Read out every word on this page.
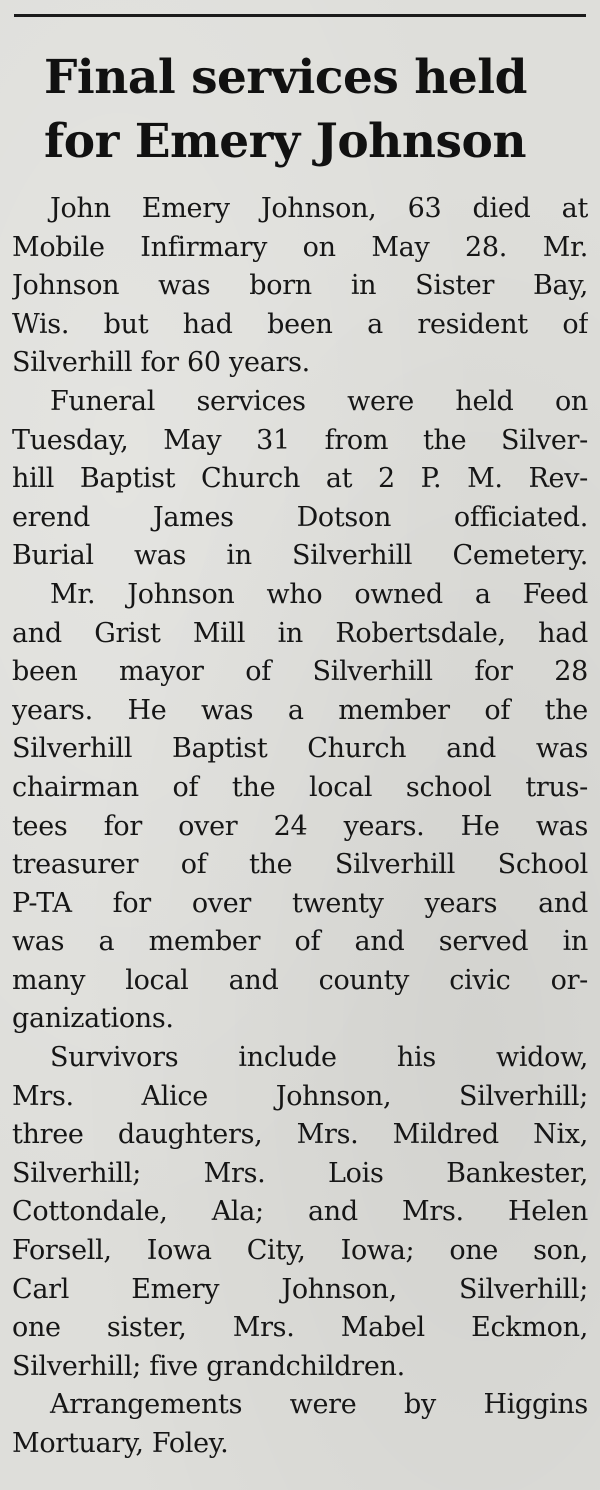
Final services held
for Emery Johnson

John Emery Johnson, 63 died at
Mobile Infirmary on May 28. Mr.
Johnson was born in Sister Bay,
Wis. but had been a resident of
Silverhill for 60 years.

Funeral services were held on
Tuesday, May 31 from the Silver-
hill Baptist Church at 2 P. M. Rev-
erend James Dotson officiated.
Burial was in Silverhill Cemetery.

Mr. Johnson who owned a Feed
and Grist Mill in Robertsdale, had
been mayor of Silverhill for 28
years. He was a member of the
Silverhill Baptist Church and was
chairman of the local school trus-
tees for over 24 years. He was
treasurer of the Silverhill School
P-TA for over twenty years and
was a member of and served in
many local and county civic or-
ganizations.

Survivors include his widow,
Mrs. Alice Johnson, Silverhill;
three daughters, Mrs. Mildred Nix,
Silverhill; Mrs. Lois Bankester,
Cottondale, Ala; and Mrs. Helen
Forsell, Iowa City, Iowa; one son,
Carl Emery Johnson, Silverhill;
one sister, Mrs. Mabel Eckmon,
Silverhill; five grandchildren.

Arrangements were by Higgins
Mortuary, Foley.
